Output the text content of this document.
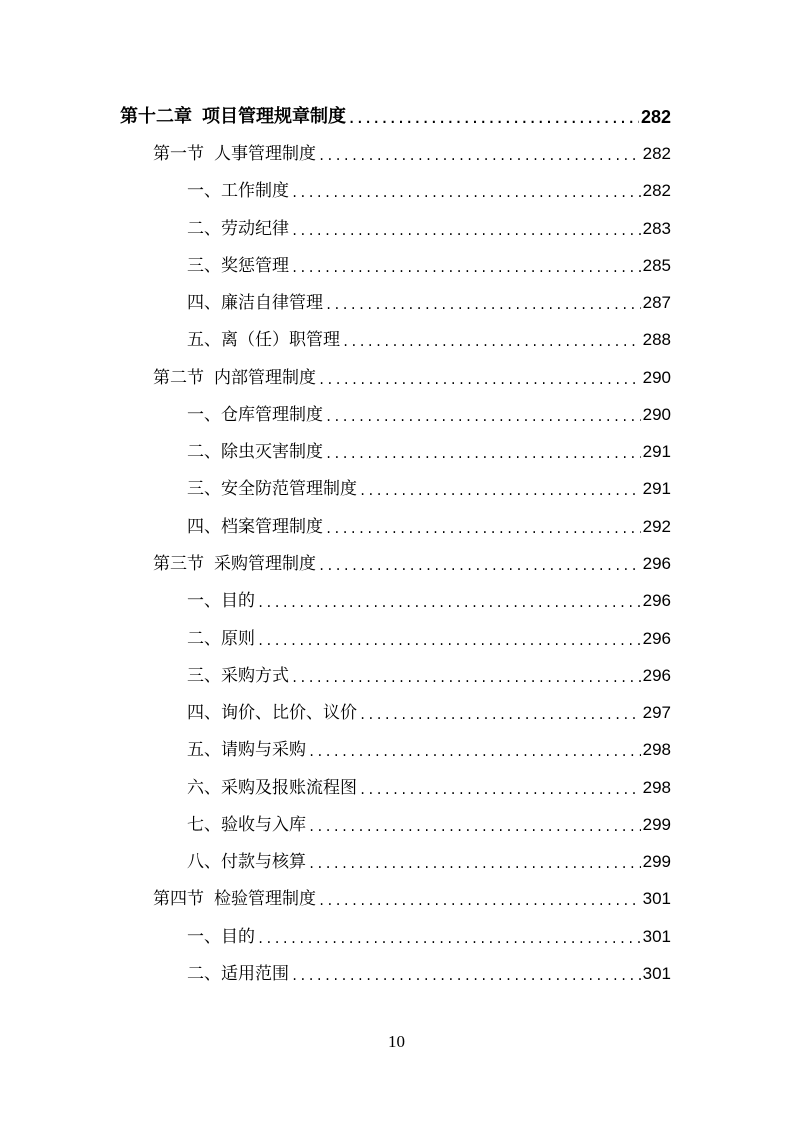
第十二章 项目管理规章制度 .....	282
第一节 人事管理制度 .....	282
一、工作制度 .....	282
二、劳动纪律 .....	283
三、奖惩管理 .....	285
四、廉洁自律管理 .....	287
五、离（任）职管理 .....	288
第二节 内部管理制度 .....	290
一、仓库管理制度 .....	290
二、除虫灭害制度 .....	291
三、安全防范管理制度 .....	291
四、档案管理制度 .....	292
第三节 采购管理制度 .....	296
一、目的 .....	296
二、原则 .....	296
三、采购方式 .....	296
四、询价、比价、议价 .....	297
五、请购与采购 .....	298
六、采购及报账流程图 .....	298
七、验收与入库 .....	299
八、付款与核算 .....	299
第四节 检验管理制度 .....	301
一、目的 .....	301
二、适用范围 .....	301
10
